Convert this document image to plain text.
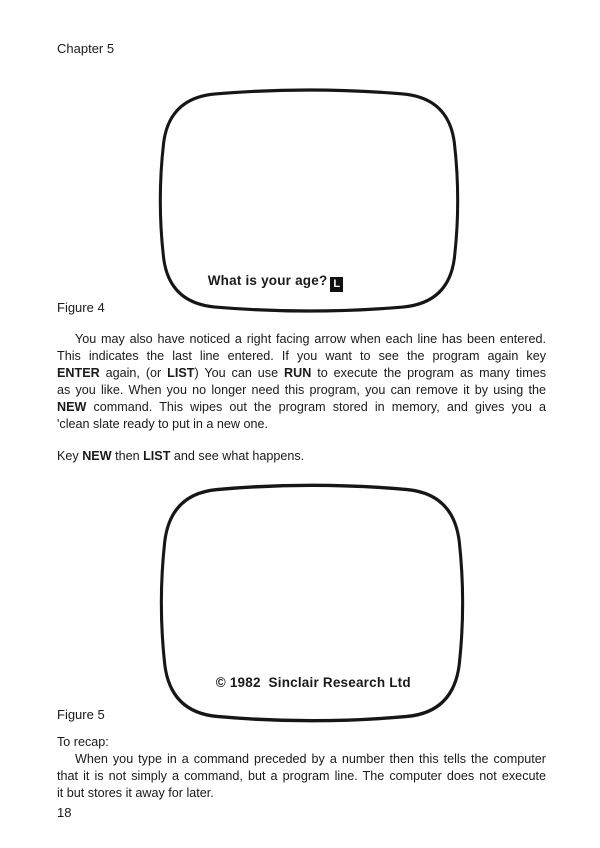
Chapter 5

What is your age? L

Figure 4
You may also have noticed a right facing arrow when each line has been entered.
This indicates the last line entered. If you want to see the program again key
ENTER again, (or LIST) You can use RUN to execute the program as many times
as you like. When you no longer need this program, you can remove it by using the
NEW command. This wipes out the program stored in memory, and gives you a
'clean slate ready to put in a new one.
Key NEW then LIST and see what happens.

© 1982  Sinclair Research Ltd

Figure 5
To recap:
When you type in a command preceded by a number then this tells the computer
that it is not simply a command, but a program line. The computer does not execute
it but stores it away for later.
18
